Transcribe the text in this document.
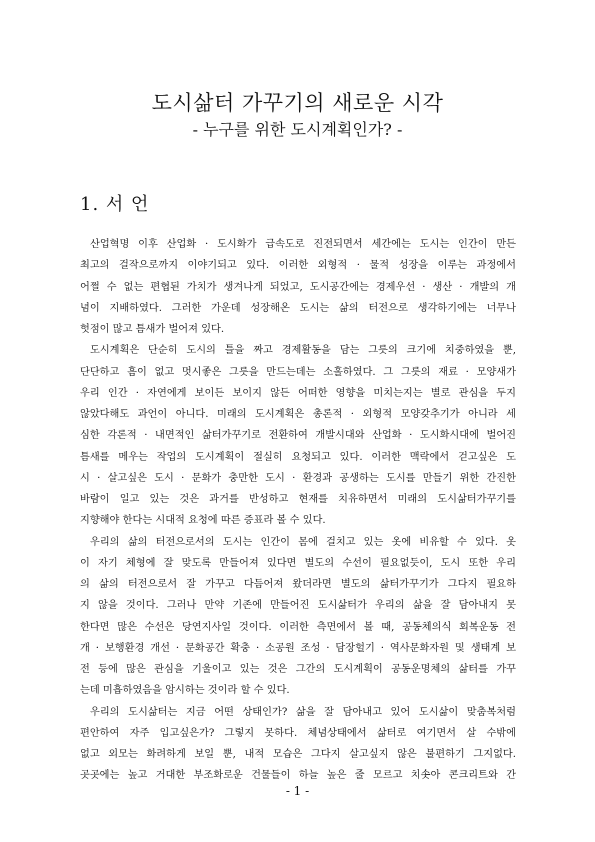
도시삶터 가꾸기의 새로운 시각
- 누구를 위한 도시계획인가? -
1. 서 언
산업혁명 이후 산업화 · 도시화가 급속도로 진전되면서 세간에는 도시는 인간이 만든
최고의 걸작으로까지 이야기되고 있다. 이러한 외형적 · 물적 성장을 이루는 과정에서
어쩔 수 없는 편협된 가치가 생겨나게 되었고, 도시공간에는 경제우선 · 생산 · 개발의 개
념이 지배하였다. 그러한 가운데 성장해온 도시는 삶의 터전으로 생각하기에는 너무나
헛점이 많고 틈새가 벌어져 있다.
도시계획은 단순히 도시의 틀을 짜고 경제활동을 담는 그릇의 크기에 치중하였을 뿐,
단단하고 흠이 없고 멋시좋은 그릇을 만드는데는 소홀하였다. 그 그릇의 재료 · 모양새가
우리 인간 · 자연에게 보이든 보이지 않든 어떠한 영향을 미치는지는 별로 관심을 두지
않았다해도 과언이 아니다. 미래의 도시계획은 총론적 · 외형적 모양갖추기가 아니라 세
심한 각론적 · 내면적인 삶터가꾸기로 전환하여 개발시대와 산업화 · 도시화시대에 벌어진
틈새를 메우는 작업의 도시계획이 절실히 요청되고 있다. 이러한 맥락에서 걷고싶은 도
시 · 살고싶은 도시 · 문화가 충만한 도시 · 환경과 공생하는 도시를 만들기 위한 간진한
바람이 일고 있는 것은 과거를 반성하고 현재를 치유하면서 미래의 도시삶터가꾸기를
지향해야 한다는 시대적 요청에 따른 증표라 볼 수 있다.
우리의 삶의 터전으로서의 도시는 인간이 몸에 걸치고 있는 옷에 비유할 수 있다. 옷
이 자기 체형에 잘 맞도록 만들어져 있다면 별도의 수선이 필요없듯이, 도시 또한 우리
의 삶의 터전으로서 잘 가꾸고 다듬어져 왔더라면 별도의 삶터가꾸기가 그다지 필요하
지 않을 것이다. 그러나 만약 기존에 만들어진 도시삶터가 우리의 삶을 잘 담아내지 못
한다면 많은 수선은 당연지사일 것이다. 이러한 측면에서 볼 때, 공동체의식 회복운동 전
개 · 보행환경 개선 · 문화공간 확충 · 소공원 조성 · 담장헐기 · 역사문화자원 및 생태계 보
전 등에 많은 관심을 기울이고 있는 것은 그간의 도시계획이 공동운명체의 삶터를 가꾸
는데 미흡하였음을 암시하는 것이라 할 수 있다.
우리의 도시삶터는 지금 어떤 상태인가? 삶을 잘 담아내고 있어 도시삶이 맞춤복처럼
편안하여 자주 입고싶은가? 그렇지 못하다. 체념상태에서 삶터로 여기면서 살 수밖에
없고 외모는 화려하게 보일 뿐, 내적 모습은 그다지 살고싶지 않은 불편하기 그지없다.
곳곳에는 높고 거대한 부조화로운 건물들이 하늘 높은 줄 모르고 치솟아 콘크리트와 간
- 1 -
